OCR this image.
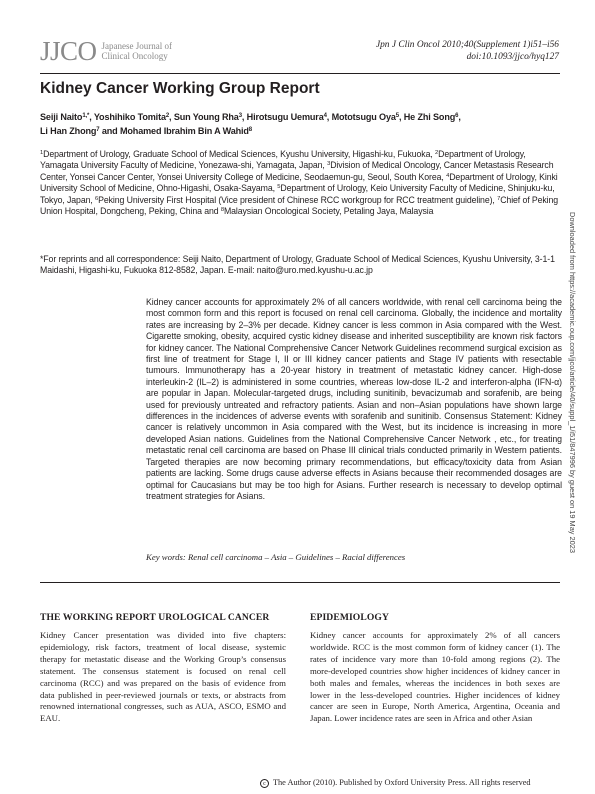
JJCO Japanese Journal of
Clinical Oncology
Jpn J Clin Oncol 2010;40(Supplement 1)i51–i56
doi:10.1093/jjco/hyq127
Kidney Cancer Working Group Report
Seiji Naito$^{1,*}$, Yoshihiko Tomita$^2$, Sun Young Rha$^3$, Hirotsugu Uemura$^4$, Mototsugu Oya$^5$, He Zhi Song$^6$,
Li Han Zhong$^7$ and Mohamed Ibrahim Bin A Wahid$^8$
$^1$Department of Urology, Graduate School of Medical Sciences, Kyushu University, Higashi-ku, Fukuoka, $^2$Department of Urology, Yamagata University Faculty of Medicine, Yonezawa-shi, Yamagata, Japan, $^3$Division of Medical Oncology, Cancer Metastasis Research Center, Yonsei Cancer Center, Yonsei University College of Medicine, Seodaemun-gu, Seoul, South Korea, $^4$Department of Urology, Kinki University School of Medicine, Ohno-Higashi, Osaka-Sayama, $^5$Department of Urology, Keio University Faculty of Medicine, Shinjuku-ku, Tokyo, Japan, $^6$Peking University First Hospital (Vice president of Chinese RCC workgroup for RCC treatment guideline), $^7$Chief of Peking Union Hospital, Dongcheng, Peking, China and $^8$Malaysian Oncological Society, Petaling Jaya, Malaysia
*For reprints and all correspondence: Seiji Naito, Department of Urology, Graduate School of Medical Sciences, Kyushu University, 3-1-1 Maidashi, Higashi-ku, Fukuoka 812-8582, Japan. E-mail: naito@uro.med.kyushu-u.ac.jp
Kidney cancer accounts for approximately 2% of all cancers worldwide, with renal cell carcinoma being the most common form and this report is focused on renal cell carcinoma. Globally, the incidence and mortality rates are increasing by 2–3% per decade. Kidney cancer is less common in Asia compared with the West. Cigarette smoking, obesity, acquired cystic kidney disease and inherited susceptibility are known risk factors for kidney cancer. The National Comprehensive Cancer Network Guidelines recommend surgical excision as first line of treatment for Stage I, II or III kidney cancer patients and Stage IV patients with resectable tumours. Immunotherapy has a 20-year history in treatment of metastatic kidney cancer. High-dose interleukin-2 (IL–2) is administered in some countries, whereas low-dose IL-2 and interferon-alpha (IFN-α) are popular in Japan. Molecular-targeted drugs, including sunitinib, bevacizumab and sorafenib, are being used for previously untreated and refractory patients. Asian and non–Asian populations have shown large differences in the incidences of adverse events with sorafenib and sunitinib. Consensus Statement: Kidney cancer is relatively uncommon in Asia compared with the West, but its incidence is increasing in more developed Asian nations. Guidelines from the National Comprehensive Cancer Network , etc., for treating metastatic renal cell carcinoma are based on Phase III clinical trials conducted primarily in Western patients. Targeted therapies are now becoming primary recommendations, but efficacy/toxicity data from Asian patients are lacking. Some drugs cause adverse effects in Asians because their recommended dosages are optimal for Caucasians but may be too high for Asians. Further research is necessary to develop optimal treatment strategies for Asians.
Key words: Renal cell carcinoma – Asia – Guidelines – Racial differences
Downloaded from https://academic.oup.com/jjco/article/40/suppl_1/i51/847996 by guest on 19 May 2023
THE WORKING REPORT UROLOGICAL CANCER

Kidney Cancer presentation was divided into five chapters: epidemiology, risk factors, treatment of local disease, systemic therapy for metastatic disease and the Working Group’s consensus statement. The consensus statement is focused on renal cell carcinoma (RCC) and was prepared on the basis of evidence from data published in peer-reviewed journals or texts, or abstracts from renowned international congresses, such as AUA, ASCO, ESMO and EAU.

EPIDEMIOLOGY

Kidney cancer accounts for approximately 2% of all cancers worldwide. RCC is the most common form of kidney cancer (1). The rates of incidence vary more than 10-fold among regions (2). The more-developed countries show higher incidences of kidney cancer in both males and females, whereas the incidences in both sexes are lower in the less-developed countries. Higher incidences of kidney cancer are seen in Europe, North America, Argentina, Oceania and Japan. Lower incidence rates are seen in Africa and other Asian

c The Author (2010). Published by Oxford University Press. All rights reserved
